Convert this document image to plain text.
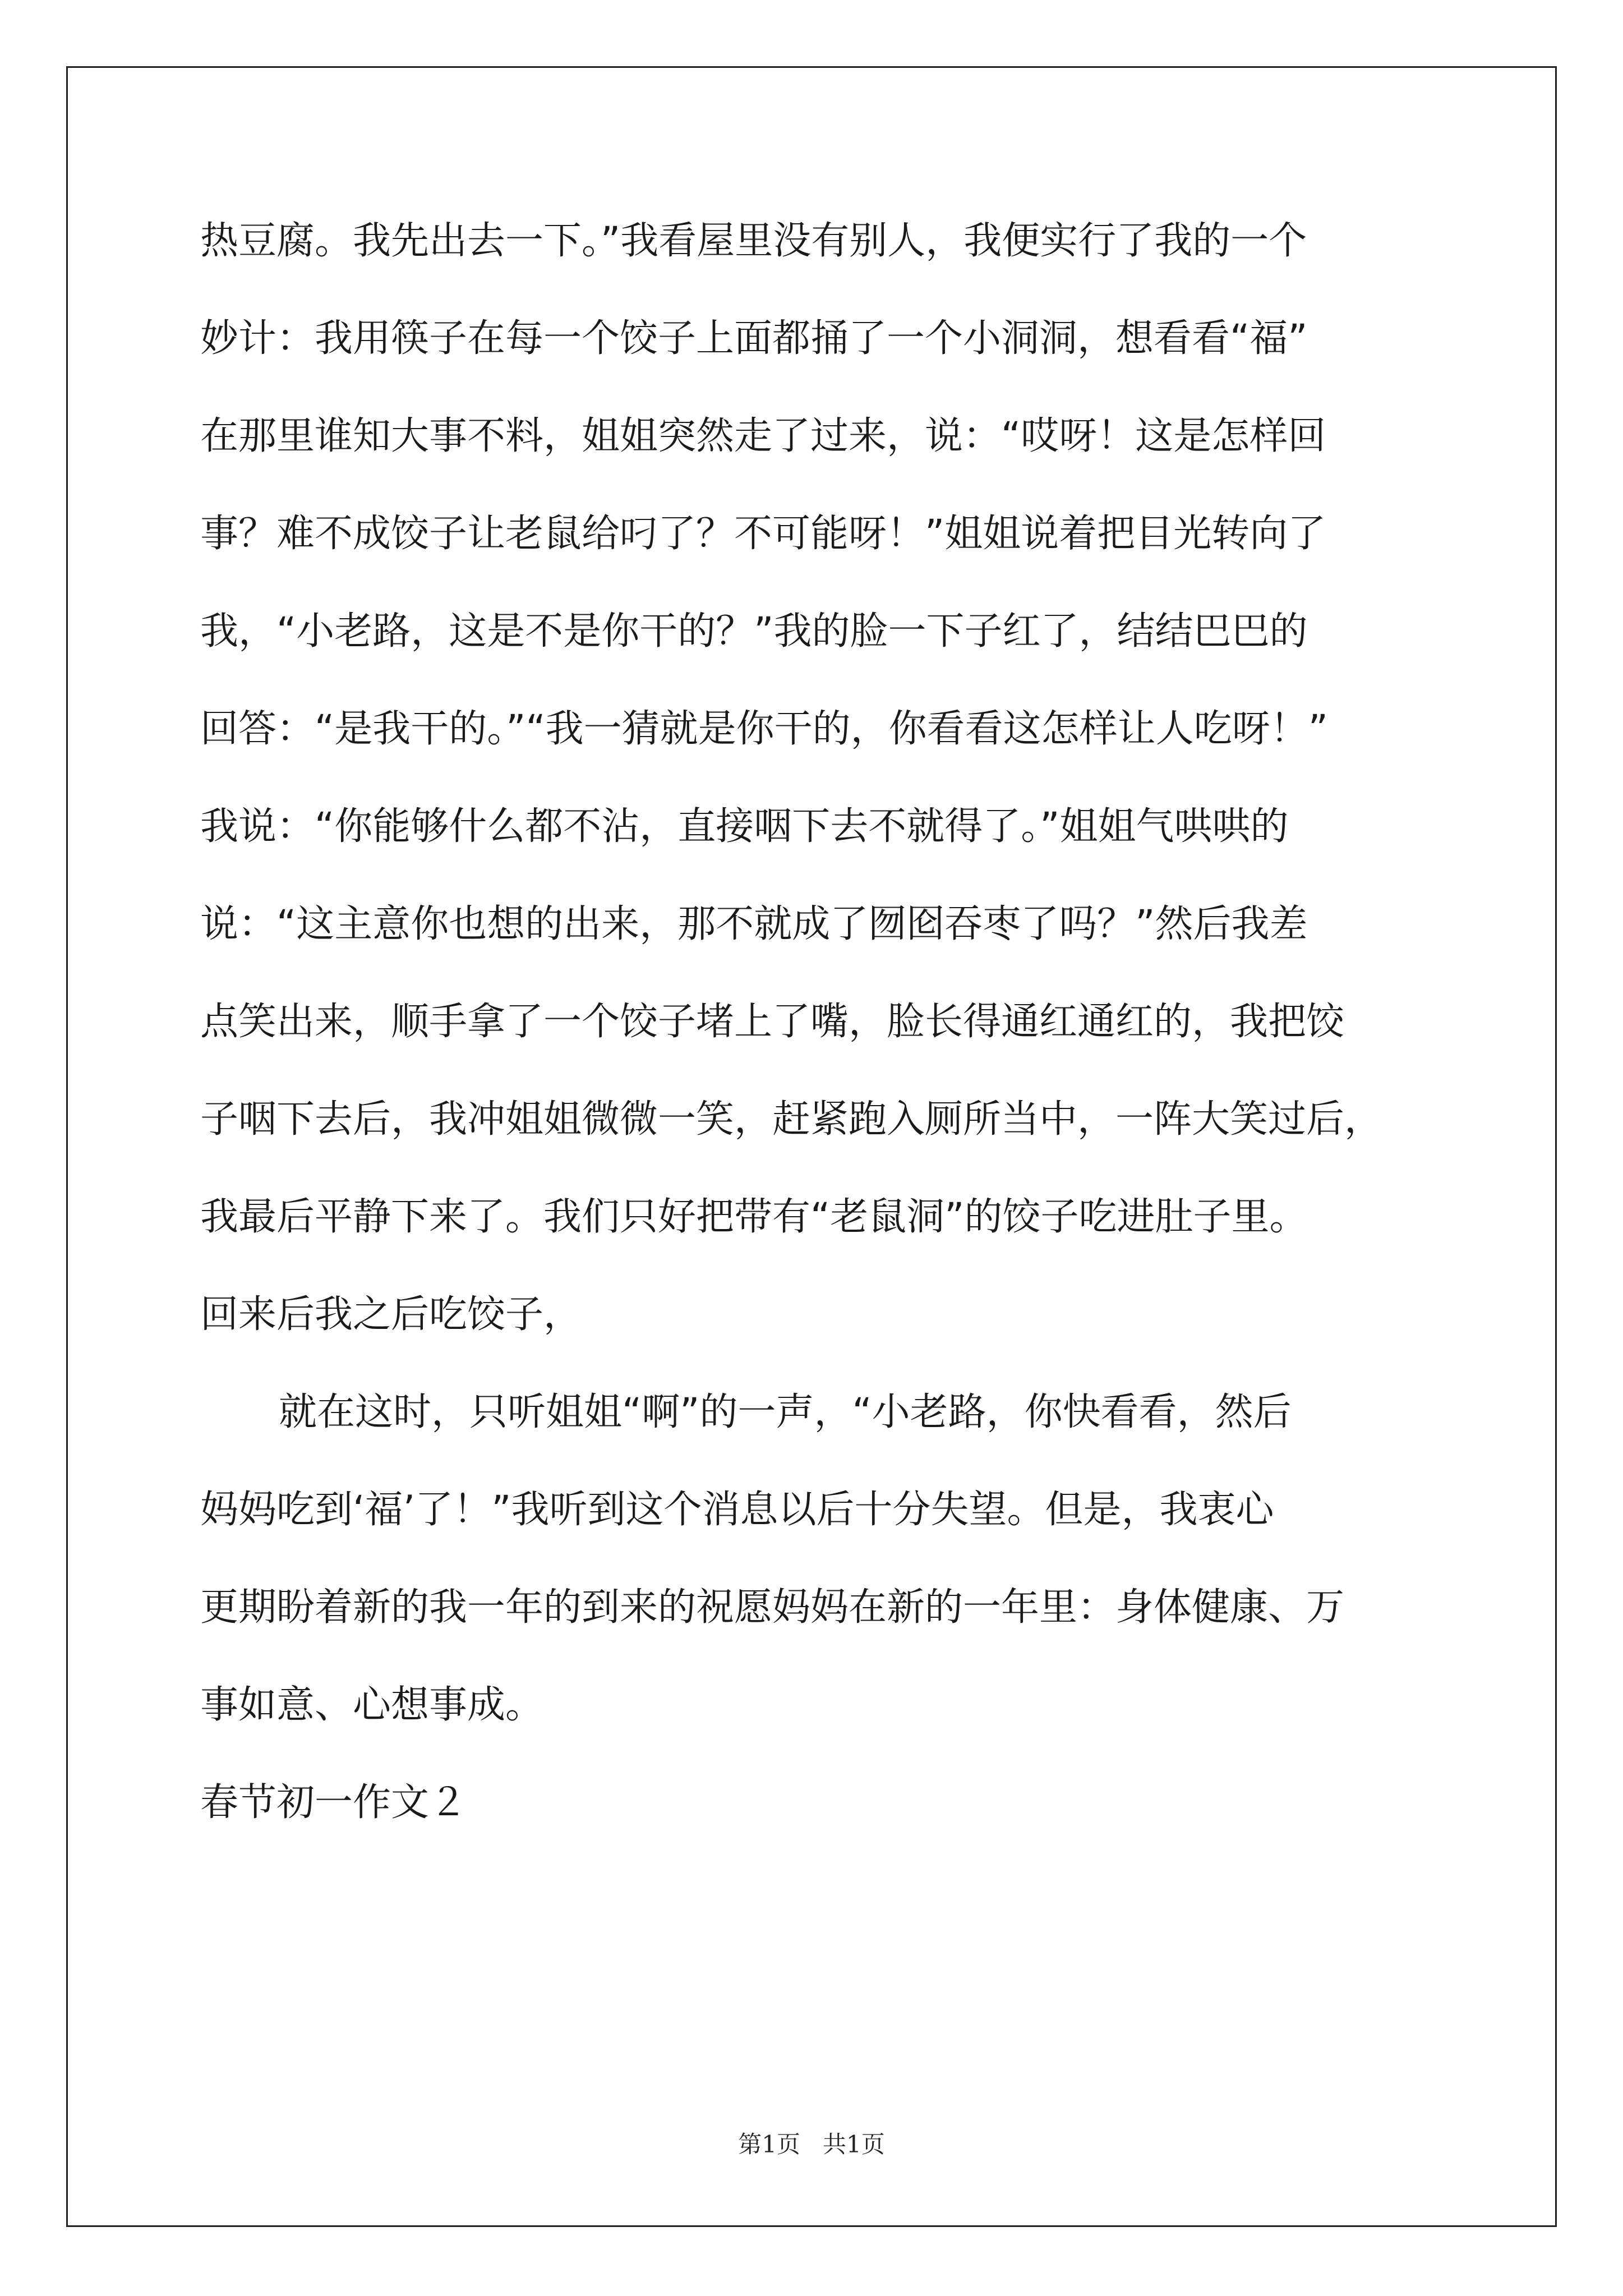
热豆腐。我先出去一下。”我看屋里没有别人，我便实行了我的一个
妙计：我用筷子在每一个饺子上面都捅了一个小洞洞，想看看“福”
在那里谁知大事不料，姐姐突然走了过来，说：“哎呀！这是怎样回
事？难不成饺子让老鼠给叼了？不可能呀！”姐姐说着把目光转向了
我，“小老路，这是不是你干的？”我的脸一下子红了，结结巴巴的
回答：“是我干的。”“我一猜就是你干的，你看看这怎样让人吃呀！”
我说：“你能够什么都不沾，直接咽下去不就得了。”姐姐气哄哄的
说：“这主意你也想的出来，那不就成了囫囵吞枣了吗？”然后我差
点笑出来，顺手拿了一个饺子堵上了嘴，脸长得通红通红的，我把饺
子咽下去后，我冲姐姐微微一笑，赶紧跑入厕所当中，一阵大笑过后，
我最后平静下来了。我们只好把带有“老鼠洞”的饺子吃进肚子里。
回来后我之后吃饺子，
就在这时，只听姐姐“啊”的一声，“小老路，你快看看，然后
妈妈吃到‘福’了！”我听到这个消息以后十分失望。但是，我衷心
更期盼着新的我一年的到来的祝愿妈妈在新的一年里：身体健康、万
事如意、心想事成。
春节初一作文２
第1页 共1页
